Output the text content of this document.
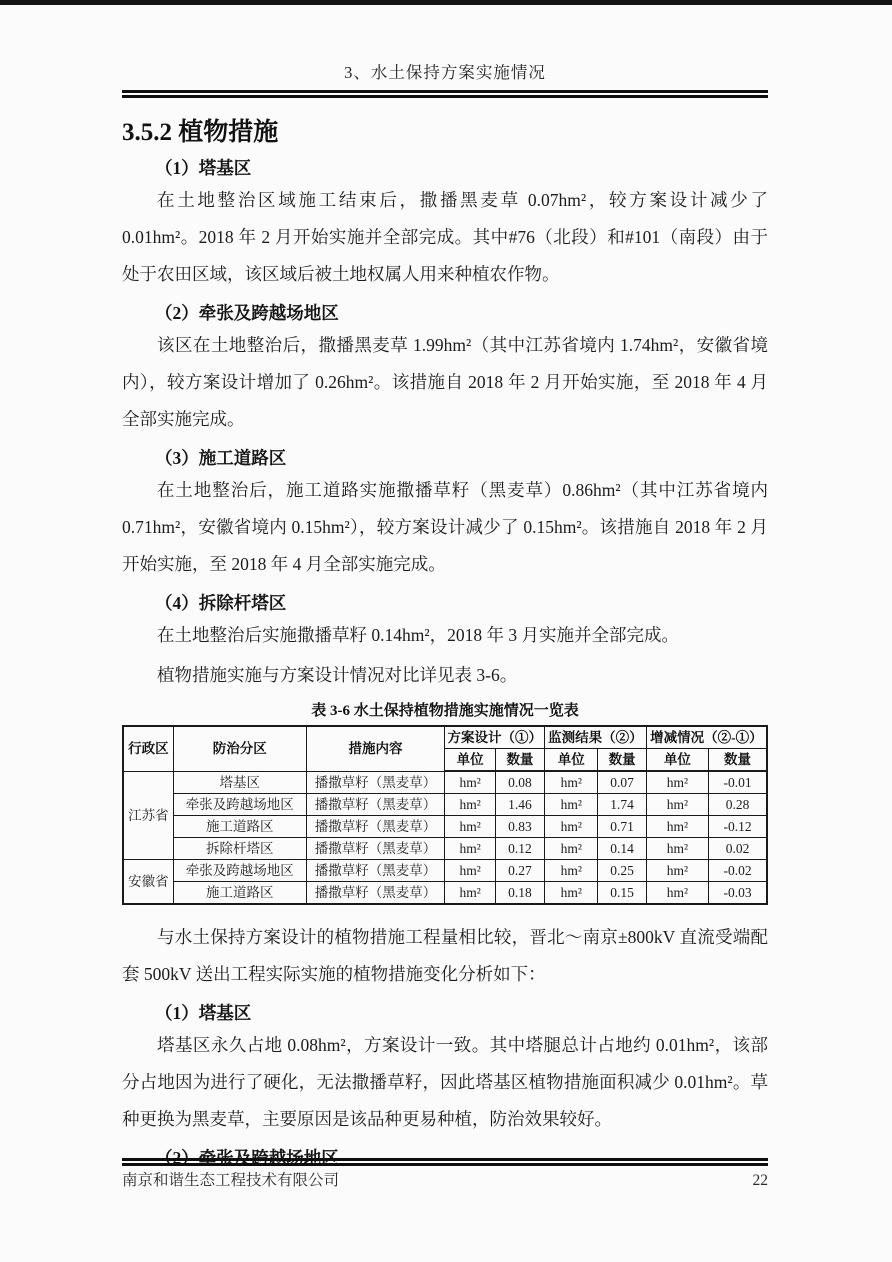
3、水土保持方案实施情况
3.5.2 植物措施
（1）塔基区

在土地整治区域施工结束后，撒播黑麦草 0.07hm²，较方案设计减少了 0.01hm²。2018 年 2 月开始实施并全部完成。其中#76（北段）和#101（南段）由于处于农田区域，该区域后被土地权属人用来种植农作物。

（2）牵张及跨越场地区

该区在土地整治后，撒播黑麦草 1.99hm²（其中江苏省境内 1.74hm²，安徽省境内），较方案设计增加了 0.26hm²。该措施自 2018 年 2 月开始实施，至 2018 年 4 月全部实施完成。

（3）施工道路区

在土地整治后，施工道路实施撒播草籽（黑麦草）0.86hm²（其中江苏省境内 0.71hm²，安徽省境内 0.15hm²），较方案设计减少了 0.15hm²。该措施自 2018 年 2 月开始实施，至 2018 年 4 月全部实施完成。

（4）拆除杆塔区

在土地整治后实施撒播草籽 0.14hm²，2018 年 3 月实施并全部完成。

植物措施实施与方案设计情况对比详见表 3-6。

表 3-6 水土保持植物措施实施情况一览表
行政区	防治分区	措施内容	方案设计（①）		监测结果（②）		增减情况（②-①）	
			单位	数量	单位	数量	单位	数量
江苏省	塔基区	播撒草籽（黑麦草）	hm²	0.08	hm²	0.07	hm²	-0.01
	牵张及跨越场地区	播撒草籽（黑麦草）	hm²	1.46	hm²	1.74	hm²	0.28
	施工道路区	播撒草籽（黑麦草）	hm²	0.83	hm²	0.71	hm²	-0.12
	拆除杆塔区	播撒草籽（黑麦草）	hm²	0.12	hm²	0.14	hm²	0.02
安徽省	牵张及跨越场地区	播撒草籽（黑麦草）	hm²	0.27	hm²	0.25	hm²	-0.02
	施工道路区	播撒草籽（黑麦草）	hm²	0.18	hm²	0.15	hm²	-0.03

与水土保持方案设计的植物措施工程量相比较，晋北～南京±800kV 直流受端配套 500kV 送出工程实际实施的植物措施变化分析如下：

（1）塔基区

塔基区永久占地 0.08hm²，方案设计一致。其中塔腿总计占地约 0.01hm²，该部分占地因为进行了硬化，无法撒播草籽，因此塔基区植物措施面积减少 0.01hm²。草种更换为黑麦草，主要原因是该品种更易种植，防治效果较好。

（2）牵张及跨越场地区
南京和谐生态工程技术有限公司	22
